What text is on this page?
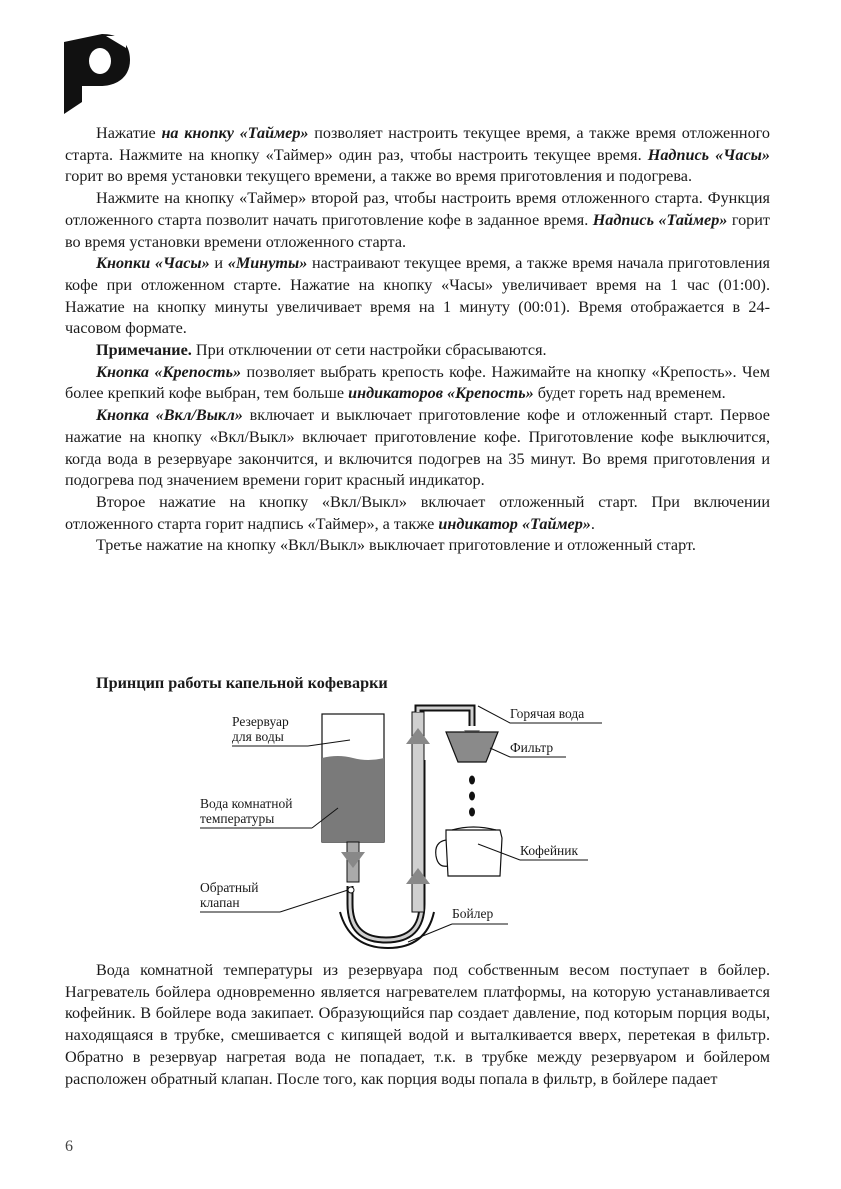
Нажатие на кнопку «Таймер» позволяет настроить текущее время, а также время отложенного старта. Нажмите на кнопку «Таймер» один раз, чтобы настроить текущее время. Надпись «Часы» горит во время установки текущего времени, а также во время приготовления и подогрева.

Нажмите на кнопку «Таймер» второй раз, чтобы настроить время отложенного старта. Функция отложенного старта позволит начать приготовление кофе в заданное время. Надпись «Таймер» горит во время установки времени отложенного старта.

Кнопки «Часы» и «Минуты» настраивают текущее время, а также время начала приготовления кофе при отложенном старте. Нажатие на кнопку «Часы» увеличивает время на 1 час (01:00). Нажатие на кнопку минуты увеличивает время на 1 минуту (00:01). Время отображается в 24-часовом формате.

Примечание. При отключении от сети настройки сбрасываются.

Кнопка «Крепость» позволяет выбрать крепость кофе. Нажимайте на кнопку «Крепость». Чем более крепкий кофе выбран, тем больше индикаторов «Крепость» будет гореть над временем.

Кнопка «Вкл/Выкл» включает и выключает приготовление кофе и отложенный старт. Первое нажатие на кнопку «Вкл/Выкл» включает приготовление кофе. Приготовление кофе выключится, когда вода в резервуаре закончится, и включится подогрев на 35 минут. Во время приготовления и подогрева под значением времени горит красный индикатор.

Второе нажатие на кнопку «Вкл/Выкл» включает отложенный старт. При включении отложенного старта горит надпись «Таймер», а также индикатор «Таймер».

Третье нажатие на кнопку «Вкл/Выкл» выключает приготовление и отложенный старт.

Принцип работы капельной кофеварки
Резервуар
для воды
Вода комнатной
температуры
Обратный
клапан
Горячая вода
Фильтр
Кофейник
Бойлер

Вода комнатной температуры из резервуара под собственным весом поступает в бойлер. Нагреватель бойлера одновременно является нагревателем платформы, на которую устанавливается кофейник. В бойлере вода закипает. Образующийся пар создает давление, под которым порция воды, находящаяся в трубке, смешивается с кипящей водой и выталкивается вверх, перетекая в фильтр. Обратно в резервуар нагретая вода не попадает, т.к. в трубке между резервуаром и бойлером расположен обратный клапан. После того, как порция воды попала в фильтр, в бойлере падает

6
